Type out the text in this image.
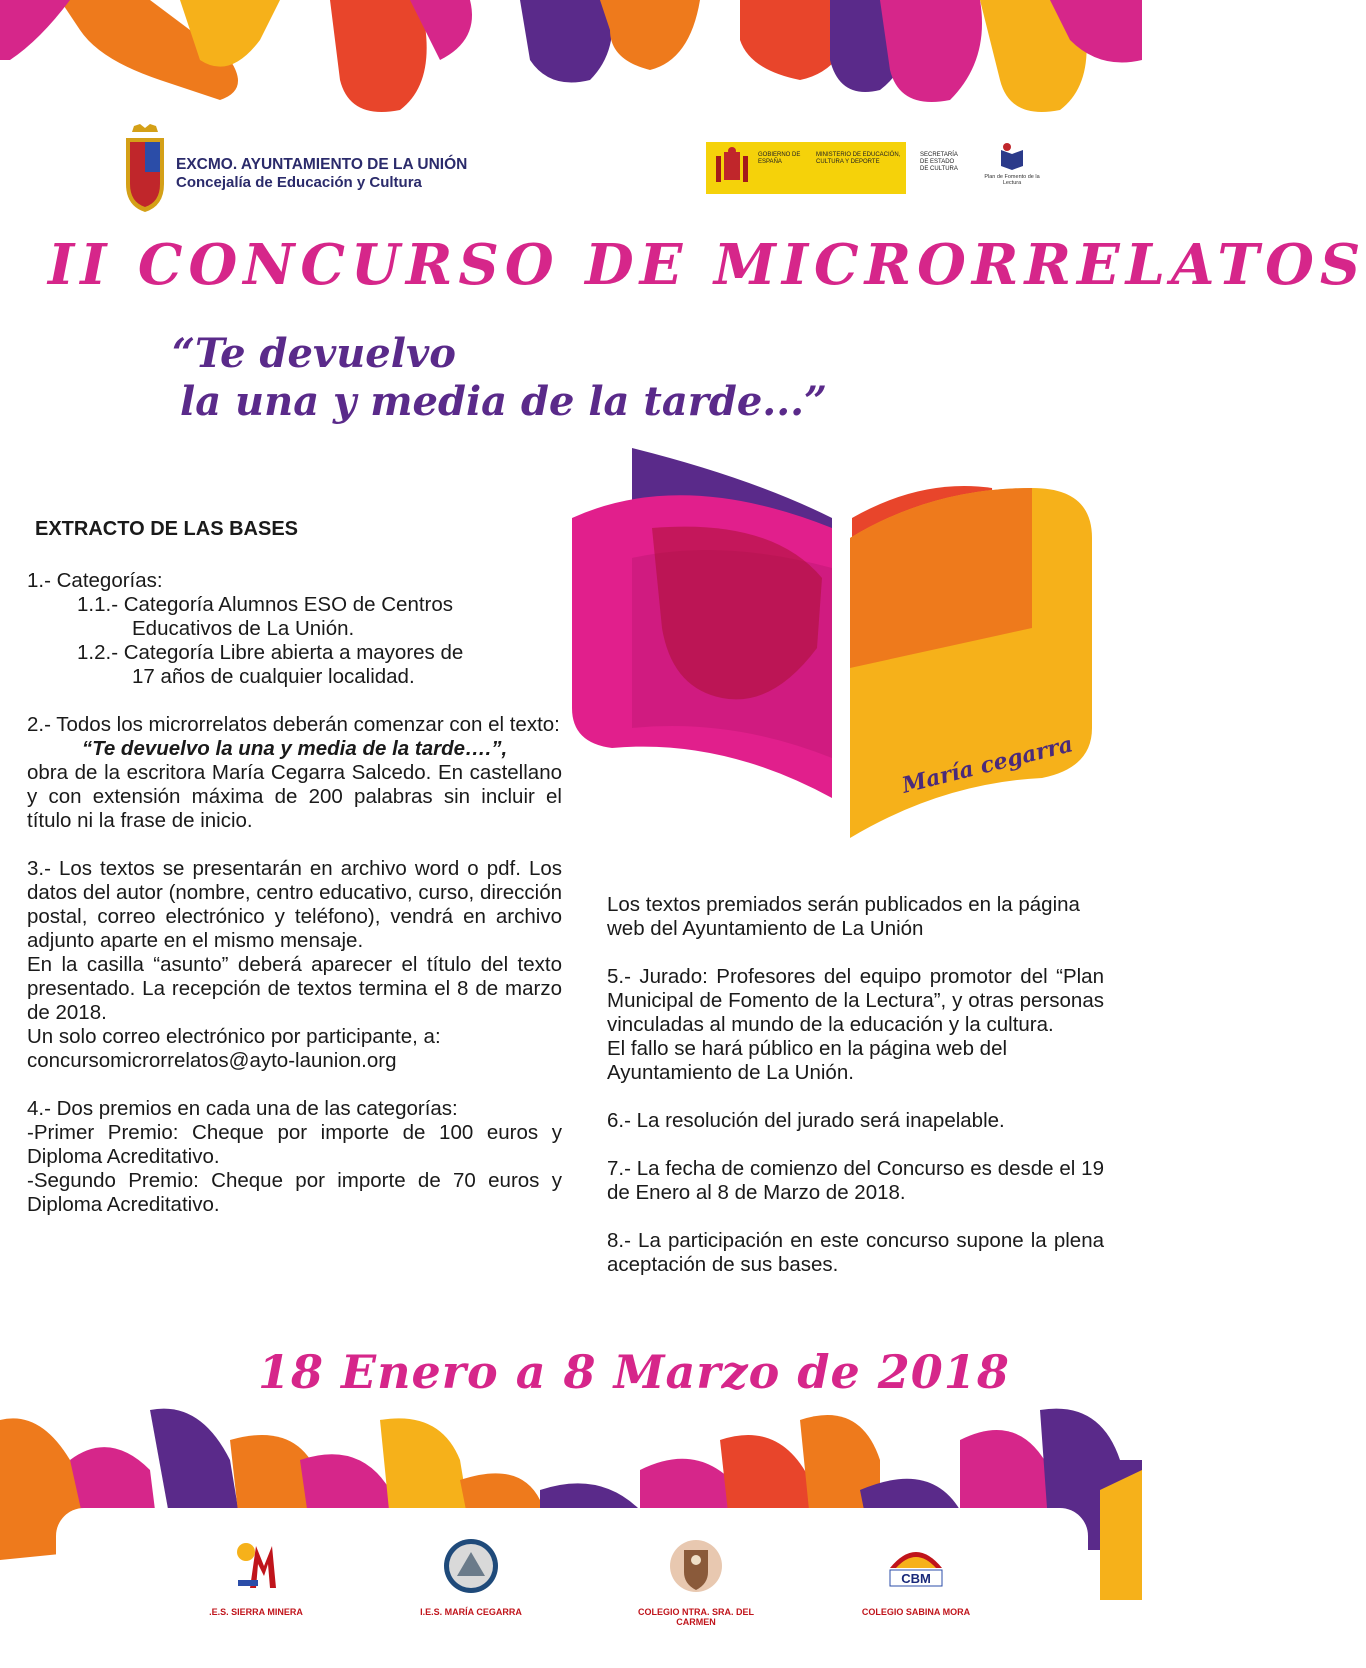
EXCMO. AYUNTAMIENTO DE LA UNIÓN
Concejalía de Educación y Cultura
GOBIERNO DE ESPAÑA
MINISTERIO DE EDUCACIÓN, CULTURA Y DEPORTE
SECRETARÍA DE ESTADO DE CULTURA
Plan de Fomento de la Lectura
II CONCURSO DE MICRORRELATOS
“Te devuelvo
la una y media de la tarde...”
María cegarra
EXTRACTO DE LAS BASES

1.- Categorías:

1.1.- Categoría Alumnos ESO de Centros

Educativos de La Unión.

1.2.- Categoría Libre abierta a mayores de

17 años de cualquier localidad.

2.- Todos los microrrelatos deberán comenzar con el texto:

“Te devuelvo la una y media de la tarde….”,

obra de la escritora María Cegarra Salcedo. En castellano y con extensión máxima de 200 palabras sin incluir el título ni la frase de inicio.

3.- Los textos se presentarán en archivo word o pdf. Los datos del autor (nombre, centro educativo, curso, dirección postal, correo electrónico y teléfono), vendrá en archivo adjunto aparte en el mismo mensaje.

En la casilla “asunto” deberá aparecer el título del texto presentado. La recepción de textos termina el 8 de marzo de 2018.

Un solo correo electrónico por participante, a:

concursomicrorrelatos@ayto-launion.org

4.- Dos premios en cada una de las categorías:

-Primer Premio: Cheque por importe de 100 euros y Diploma Acreditativo.

-Segundo Premio: Cheque por importe de 70 euros y Diploma Acreditativo.

Los textos premiados serán publicados en la página web del Ayuntamiento de La Unión

5.- Jurado: Profesores del equipo promotor del “Plan Municipal de Fomento de la Lectura”, y otras personas vinculadas al mundo de la educación y la cultura.

El fallo se hará público en la página web del Ayuntamiento de La Unión.

6.- La resolución del jurado será inapelable.

7.- La fecha de comienzo del Concurso es desde el 19 de Enero al 8 de Marzo de 2018.

8.- La participación en este concurso supone la plena aceptación de sus bases.

18 Enero a 8 Marzo de 2018
.E.S. SIERRA MINERA	I.E.S. MARÍA CEGARRA	COLEGIO NTRA. SRA. DEL CARMEN
CBM
COLEGIO SABINA MORA
